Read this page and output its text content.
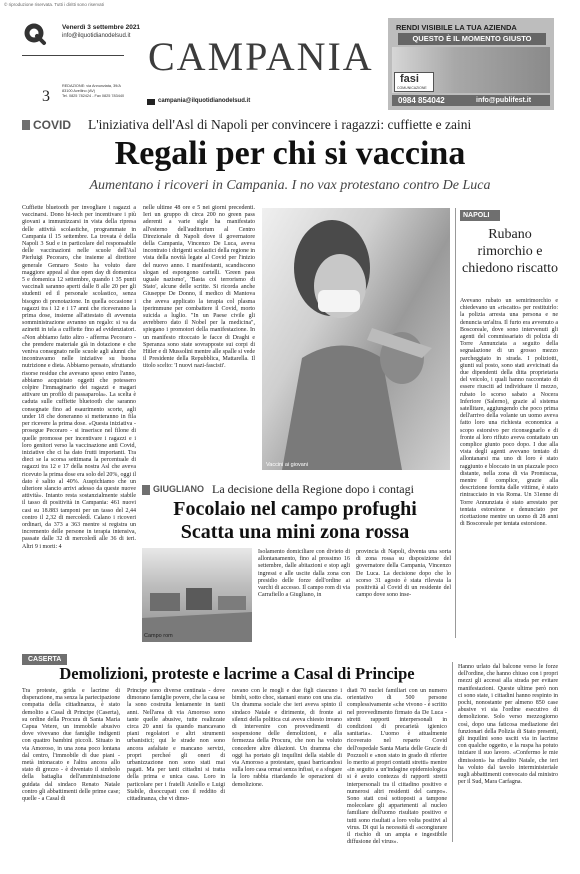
© riproduzione riservata. Tutti i diritti sono riservati
Venerdì 3 settembre 2021
info@ilquotidianodelsud.it CAMPANIA
3
REDAZIONE: via Annunziata, 39/A
83100 Avellino (AV)
Tel. 0825 782424 - Fax 0825 783440
campania@ilquotidianodelsud.it
RENDI VISIBILE LA TUA AZIENDA
QUESTO È IL MOMENTO GIUSTO
fasi
COMUNICAZIONE
0984 854042	info@publifest.it
COVID L'iniziativa dell'Asl di Napoli per convincere i ragazzi: cuffiette e zaini
Regali per chi si vaccina
Aumentano i ricoveri in Campania. I no vax protestano contro De Luca
Cuffiette bluetooth per invogliare i ragazzi a vaccinarsi. Dono hi-tech per incentivare i più giovani a immunizzarsi in vista della ripresa delle attività scolastiche, programmate in Campania il 15 settembre. La trovata è della Napoli 3 Sud e in particolare del responsabile delle vaccinazioni nelle scuole dell'Asl Pierluigi Pecoraro, che insieme al direttore generale Gennaro Sosto ha voluto dare maggiore appeal al due open day di domenica 5 e domenica 12 settembre, quando i 35 punti vaccinali saranno aperti dalle 8 alle 20 per gli studenti ed il personale scolastico, senza bisogno di prenotazione. In quella occasione i ragazzi tra i 12 e i 17 anni che riceveranno la prima dose, insieme all'attestato di avvenuta somministrazione avranno un regalo: si va da azinetti in tela a cuffiette fino ad evidenziatori. «Non abbiamo fatto altro - afferma Pecoraro - che prendere materiale già in dotazione e che veniva consegnato nelle scuole agli alunni che incontravamo nelle iniziative su buona nutrizione e dieta. Abbiamo pensato, sfruttando risorse residue che avevano speso entro l'anno, abbiamo acquistato oggetti che potessero colpire l'immaginario dei ragazzi e magari attivare un profilo di passaparola». La scelta è caduta sulle cuffiette bluetooth che saranno consegnate fino ad esaurimento scorte, agli under 18 che doneranno si metteranno in fila per ricevere la prima dose. «Questa iniziativa - prosegue Pecoraro - si inserisce nel filone di quelle promosse per incentivare i ragazzi e i loro genitori verso la vaccinazione anti Covid, iniziative che ci ha dato frutti importanti. Tra dieci se la scorsa settimana la percentuale di ragazzi tra 12 e 17 della nostra Asl che aveva ricevuto la prima dose era solo del 20%, oggi il dato è salito al 40%. Auspichiamo che un ulteriore slancio arrivi adesso da queste nuove attività». Intanto resta sostanzialmente stabile il tasso di positività in Campania: 461 nuovi casi su 18.883 tamponi per un tasso del 2,44 contro il 2,32 di mercoledì. Calano i ricoveri ordinari, da 373 a 363 mentre si registra un incremento delle persone in terapia intensiva, passate dalle 32 di mercoledì alle 36 di ieri. Altri 9 i morti: 4
nelle ultime 48 ore e 5 nei giorni precedenti. Ieri un gruppo di circa 200 no green pass aderenti a varie sigle ha manifestato all'esterno dell'auditorium al Centro Direzionale di Napoli dove il governatore della Campania, Vincenzo De Luca, aveva incontrato i dirigenti scolastici della regione in vista della novità legate al Covid per l'inizio del nuovo anno. I manifestanti, scandiscono slogan ed espongono cartelli. 'Green pass uguale nazismo', 'Basta col terrorismo di Stato', alcune delle scritte. Si ricorda anche Giuseppe De Donno, il medico di Mantova che aveva applicato la terapia col plasma iperimmune per combattere il Covid, morto suicida a luglio. "In un Paese civile gli avrebbero dato il Nobel per la medicina", spiegano i promotori della manifestazione. In un manifesto ritoccato le facce di Draghi e Speranza sono state sovrapposte sui corpi di Hitler e di Mussolini mentre alle spalle si vede il Presidente della Repubblica, Mattarella. Il titolo scelto: 'I nuovi nazi-fascisti'.
Vaccini ai giovani
NAPOLI
Rubano rimorchio e chiedono riscatto
Avevano rubato un semirimorchio e chiedevano un «riscatto» per restituirlo: la polizia arresta una persona e ne denuncia un'altra. Il furto era avvenuto a Boscoreale, dove sono intervenuti gli agenti del commissariato di polizia di Torre Annunziata a seguito della segnalazione di un grosso mezzo parcheggiato in strada. I poliziotti, giunti sul posto, sono stati avvicinati da due dipendenti della ditta proprietaria del veicolo, i quali hanno raccontato di essere riusciti ad individuare il mezzo, rubato lo scorso sabato a Nocera Inferiore (Salerno), grazie al sistema satellitare, aggiungendo che poco prima dell'arrivo della volante un uomo aveva fatto loro una richiesta economica a scopo estorsivo per riconsegnarlo e di fronte al loro rifiuto aveva contattato un complice giunto poco dopo. I due alla vista degli agenti avevano tentato di allontanarsi ma uno di loro è stato raggiunto e bloccato in un piazzale poco distante, nella zona di via Promiscua, mentre il complice, grazie alla descrizione fornita dalle vittime, è stato rintracciato in via Roma. Un 31enne di Torre Annunziata è stato arrestato per tentata estorsione e denunciato per ricettazione mentre un uomo di 28 anni di Boscoreale per tentata estorsione.
GIUGLIANO La decisione della Regione dopo i contagi
Focolaio nel campo profughi
Scatta una mini zona rossa
Campo rom
Isolamento domiciliare con divieto di allontanamento, fino al prossimo 16 settembre, dalle abitazioni e stop agli ingressi e alle uscite dalla zona con presidio delle forze dell'ordine ai varchi di accesso. Il campo rom di via Carrafiello a Giugliano, in
provincia di Napoli, diventa una sorta di zona rossa su disposizione del governatore della Campania, Vincenzo De Luca. La decisione dopo che lo scorso 31 agosto è stata rilevata la positività al Covid di un residente del campo dove sono inse-
CASERTA
Demolizioni, proteste e lacrime a Casal di Principe
Tra proteste, grida e lacrime di disperazione, ma senza la partecipazione compatta della cittadinanza, è stato demolito a Casal di Principe (Caserta), su ordine della Procura di Santa Maria Capua Vetere, un immobile abusivo dove vivevano due famiglie indigenti con quattro bambini piccoli. Situato in via Amoroso, in una zona poco lontana dal centro, l'immobile di due piani - metà intonacato e l'altra ancora allo stato di grezzo - è diventato il simbolo della battaglia dell'amministrazione guidata dal sindaco Renato Natale contro gli abbattimenti delle prime case; quelle - a Casal di
Principe sono diverse centinaia - dove dimorano famiglie povere, che la casa se la sono costruita lentamente in tanti anni. Nell'area di via Amoroso sono tante quelle abusive, tutte realizzate circa 20 anni fa quando mancavano piani regolatori e altri strumenti urbanistici; qui le strade non sono ancora asfaltate e mancano servizi, propri percheé gli oneri di urbanizzazione non sono stati mai pagati. Ma per tanti cittadini si tratta della prima e unica casa. Loro in particolare per i fratelli Aniello e Luigi Stabile, disoccupati con il reddito di cittadinanza, che vi dimo-
ravano con le mogli e due figli ciascuno i bimbi, sotto choc, stamani erano con una zia. Un dramma sociale che ieri aveva spinto il sindaco Natale e dirimente, di fronte ai silenzi della politica cui aveva chiesto invano di intervenire con provvedimenti di sospensione delle demolizioni, e alla fermezza della Procura, che non ha voluto concedere altre dilazioni. Un dramma che oggi ha portato gli inquilini della stabile di via Amoroso a protestare, quasi barricandosi sulla loro casa ormai senza infissi, e a sfogare la loro rabbia ritardando le operazioni di demolizione.
Hanno urlato dal balcone verso le forze dell'ordine, che hanno chiuso con i propri mezzi gli accessi alla strada per evitare manifestazioni. Queste ultime però non ci sono state, i cittadini hanno respinto in pochi, nonostante per almeno 850 case abusive vi sia l'ordine esecutivo di demolizione. Solo verso mezzogiorno così, dopo una faticosa mediazione dei funzionari della Polizia di Stato presenti, gli inquilini sono usciti via in lacrime con qualche oggetto, e la ruspa ha potuto iniziare il suo lavoro. «Confermo le mie dimissioni» ha ribadito Natale, che ieri ha voluto dal tavolo interministeriale sugli abbattimenti convocato dal ministro per il Sud, Mara Carfagna.
diati 70 nuclei familiari con un numero orientativo di 500 persone complessivamente «che vivono - è scritto nel provvedimento firmato da De Luca - stretti rapporti interpersonali in condizioni di precarietà igienico sanitaria». L'uomo è attualmente ricoverato nel reparto Covid dell'ospedale Santa Maria delle Grazie di Pozzuoli e «non stato in grado di riferire lo merito ai propri contatti stretti» mentre «in seguito a un'indagine epidemiologica si è avuto contezza di rapporti stretti interpersonali tra il cittadino positivo e numerosi altri residenti del campo». Sono stati così sottoposti a tampone molecolare gli appartenenti al nucleo familiare dell'uomo risultato positivo e tutti sono risultati a loro volta positivi al virus. Di qui la necessità di «scongiurare il rischio di un ampia e ingestibile diffusione del virus».
